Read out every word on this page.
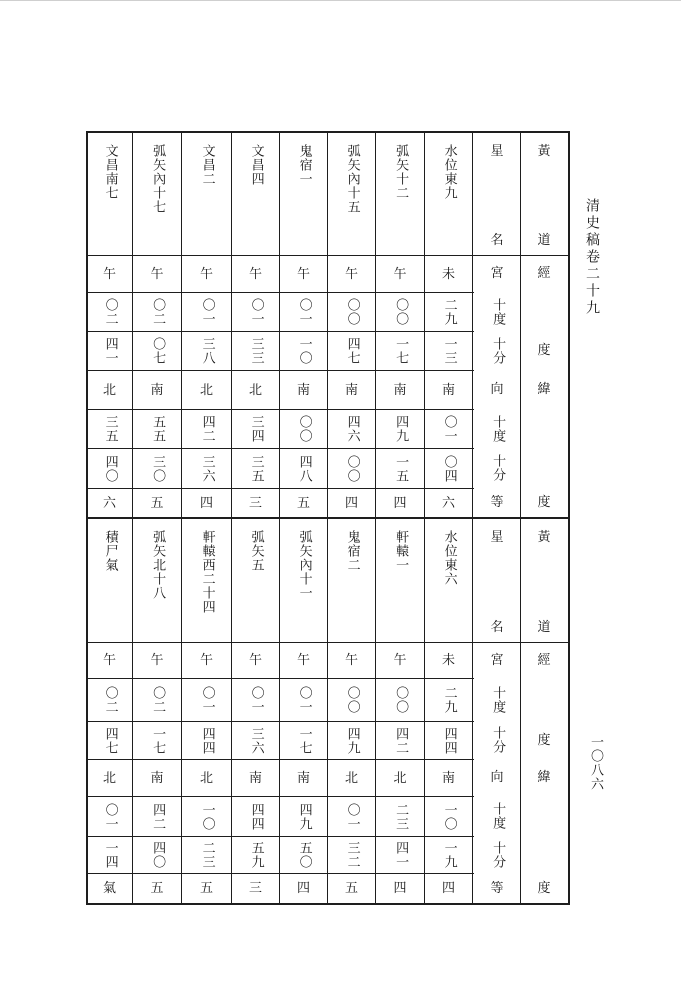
清史稿卷二十九
一〇八六
星
名
宮
十度
十分
向
十度
十分
等
黃
道
經
度
緯
度
星
名
宮
十度
十分
向
十度
十分
等
黃
道
經
度
緯
度
水位東九
未
二九
一三
南
〇一
〇四
六
弧矢十二
午
〇〇
一七
南
四九
一五
四
弧矢內十五
午
〇〇
四七
南
四六
〇〇
四
鬼宿一
午
〇一
一〇
南
〇〇
四八
五
文昌四
午
〇一
三三
北
三四
三五
三
文昌二
午
〇一
三八
北
四二
三六
四
弧矢內十七
午
〇二
〇七
南
五五
三〇
五
文昌南七
午
〇二
四一
北
三五
四〇
六
水位東六
未
二九
四四
南
一〇
一九
四
軒轅一
午
〇〇
四二
北
二三
四一
四
鬼宿二
午
〇〇
四九
北
〇一
三二
五
弧矢內十一
午
〇一
一七
南
四九
五〇
四
弧矢五
午
〇一
三六
南
四四
五九
三
軒轅西二十四
午
〇一
四四
北
一〇
二三
五
弧矢北十八
午
〇二
一七
南
四二
四〇
五
積尸氣
午
〇二
四七
北
〇一
一四
氣
